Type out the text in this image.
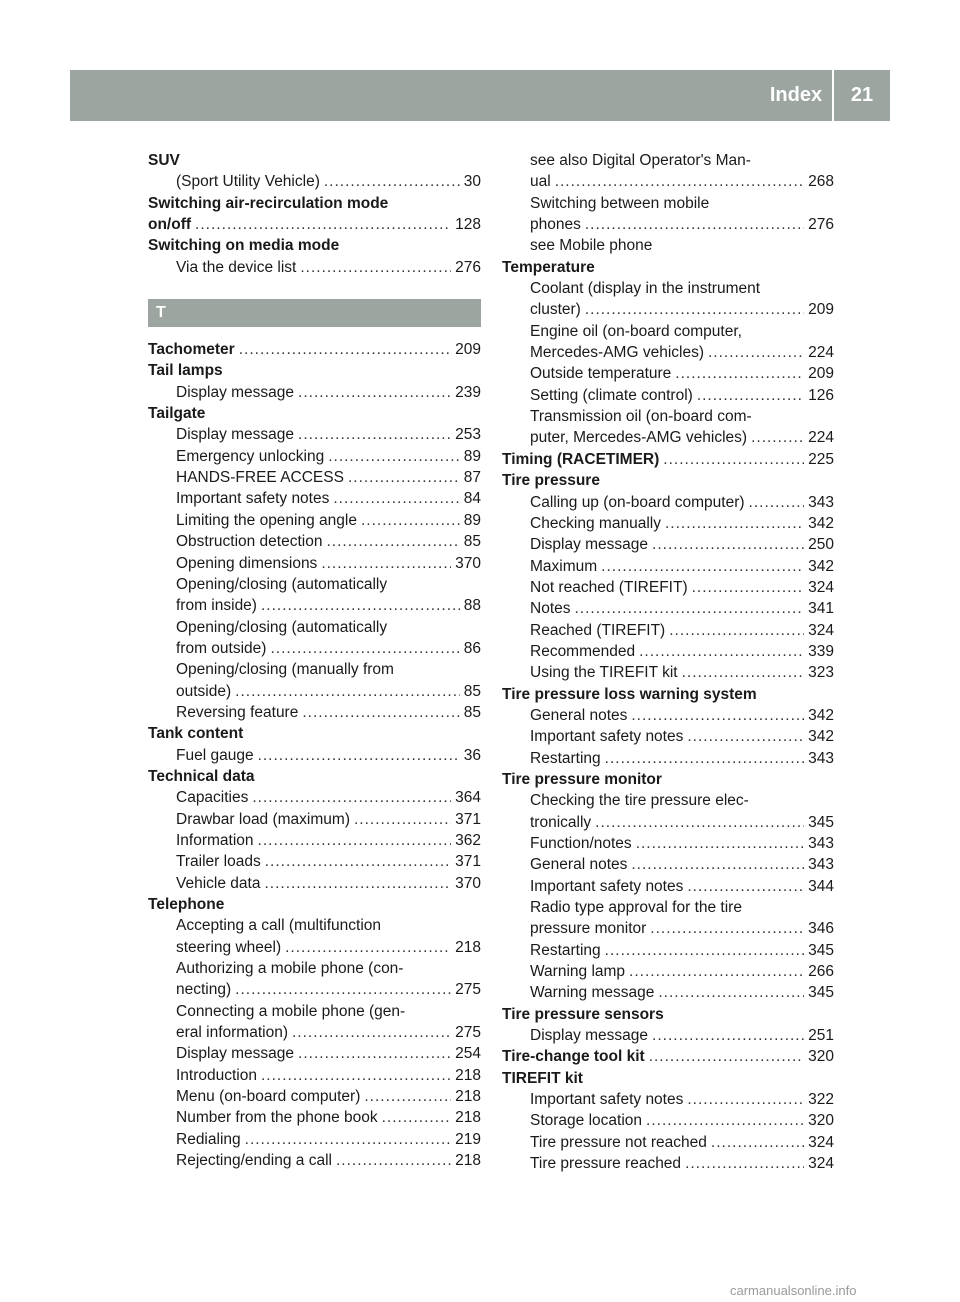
Index	21
SUV
(Sport Utility Vehicle) .....	30
Switching air-recirculation mode
on/off .....	128
Switching on media mode
Via the device list .....	276
T
Tachometer .....	209
Tail lamps
Display message .....	239
Tailgate
Display message .....	253
Emergency unlocking .....	89
HANDS-FREE ACCESS .....	87
Important safety notes .....	84
Limiting the opening angle .....	89
Obstruction detection .....	85
Opening dimensions .....	370
Opening/closing (automatically
from inside) .....	88
Opening/closing (automatically
from outside) .....	86
Opening/closing (manually from
outside) .....	85
Reversing feature .....	85
Tank content
Fuel gauge .....	36
Technical data
Capacities .....	364
Drawbar load (maximum) .....	371
Information .....	362
Trailer loads .....	371
Vehicle data .....	370
Telephone
Accepting a call (multifunction
steering wheel) .....	218
Authorizing a mobile phone (con-
necting) .....	275
Connecting a mobile phone (gen-
eral information) .....	275
Display message .....	254
Introduction .....	218
Menu (on-board computer) .....	218
Number from the phone book .....	218
Redialing .....	219
Rejecting/ending a call .....	218
see also Digital Operator's Man-
ual .....	268
Switching between mobile
phones .....	276
see Mobile phone
Temperature
Coolant (display in the instrument
cluster) .....	209
Engine oil (on-board computer,
Mercedes-AMG vehicles) .....	224
Outside temperature .....	209
Setting (climate control) .....	126
Transmission oil (on-board com-
puter, Mercedes-AMG vehicles) .....	224
Timing (RACETIMER) .....	225
Tire pressure
Calling up (on-board computer) .....	343
Checking manually .....	342
Display message .....	250
Maximum .....	342
Not reached (TIREFIT) .....	324
Notes .....	341
Reached (TIREFIT) .....	324
Recommended .....	339
Using the TIREFIT kit .....	323
Tire pressure loss warning system
General notes .....	342
Important safety notes .....	342
Restarting .....	343
Tire pressure monitor
Checking the tire pressure elec-
tronically .....	345
Function/notes .....	343
General notes .....	343
Important safety notes .....	344
Radio type approval for the tire
pressure monitor .....	346
Restarting .....	345
Warning lamp .....	266
Warning message .....	345
Tire pressure sensors
Display message .....	251
Tire-change tool kit .....	320
TIREFIT kit
Important safety notes .....	322
Storage location .....	320
Tire pressure not reached .....	324
Tire pressure reached .....	324
carmanualsonline.info
